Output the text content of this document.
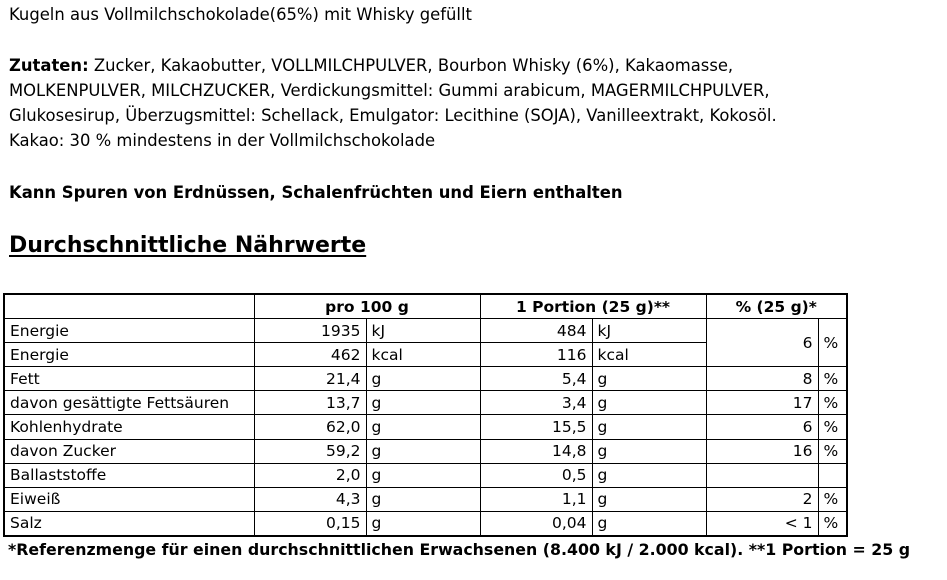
Kugeln aus Vollmilchschokolade(65%) mit Whisky gefüllt
Zutaten: Zucker, Kakaobutter, VOLLMILCHPULVER, Bourbon Whisky (6%), Kakaomasse,
MOLKENPULVER, MILCHZUCKER, Verdickungsmittel: Gummi arabicum, MAGERMILCHPULVER,
Glukosesirup, Überzugsmittel: Schellack, Emulgator: Lecithine (SOJA), Vanilleextrakt, Kokosöl.
Kakao: 30 % mindestens in der Vollmilchschokolade
Kann Spuren von Erdnüssen, Schalenfrüchten und Eiern enthalten
Durchschnittliche Nährwerte
	pro 100 g		1 Portion (25 g)**		% (25 g)*	
Energie	1935	kJ	484	kJ	6	%
Energie	462	kcal	116	kcal		
Fett	21,4	g	5,4	g	8	%
davon gesättigte Fettsäuren	13,7	g	3,4	g	17	%
Kohlenhydrate	62,0	g	15,5	g	6	%
davon Zucker	59,2	g	14,8	g	16	%
Ballaststoffe	2,0	g	0,5	g		
Eiweiß	4,3	g	1,1	g	2	%
Salz	0,15	g	0,04	g	< 1	%
*Referenzmenge für einen durchschnittlichen Erwachsenen (8.400 kJ / 2.000 kcal). **1 Portion = 25 g
